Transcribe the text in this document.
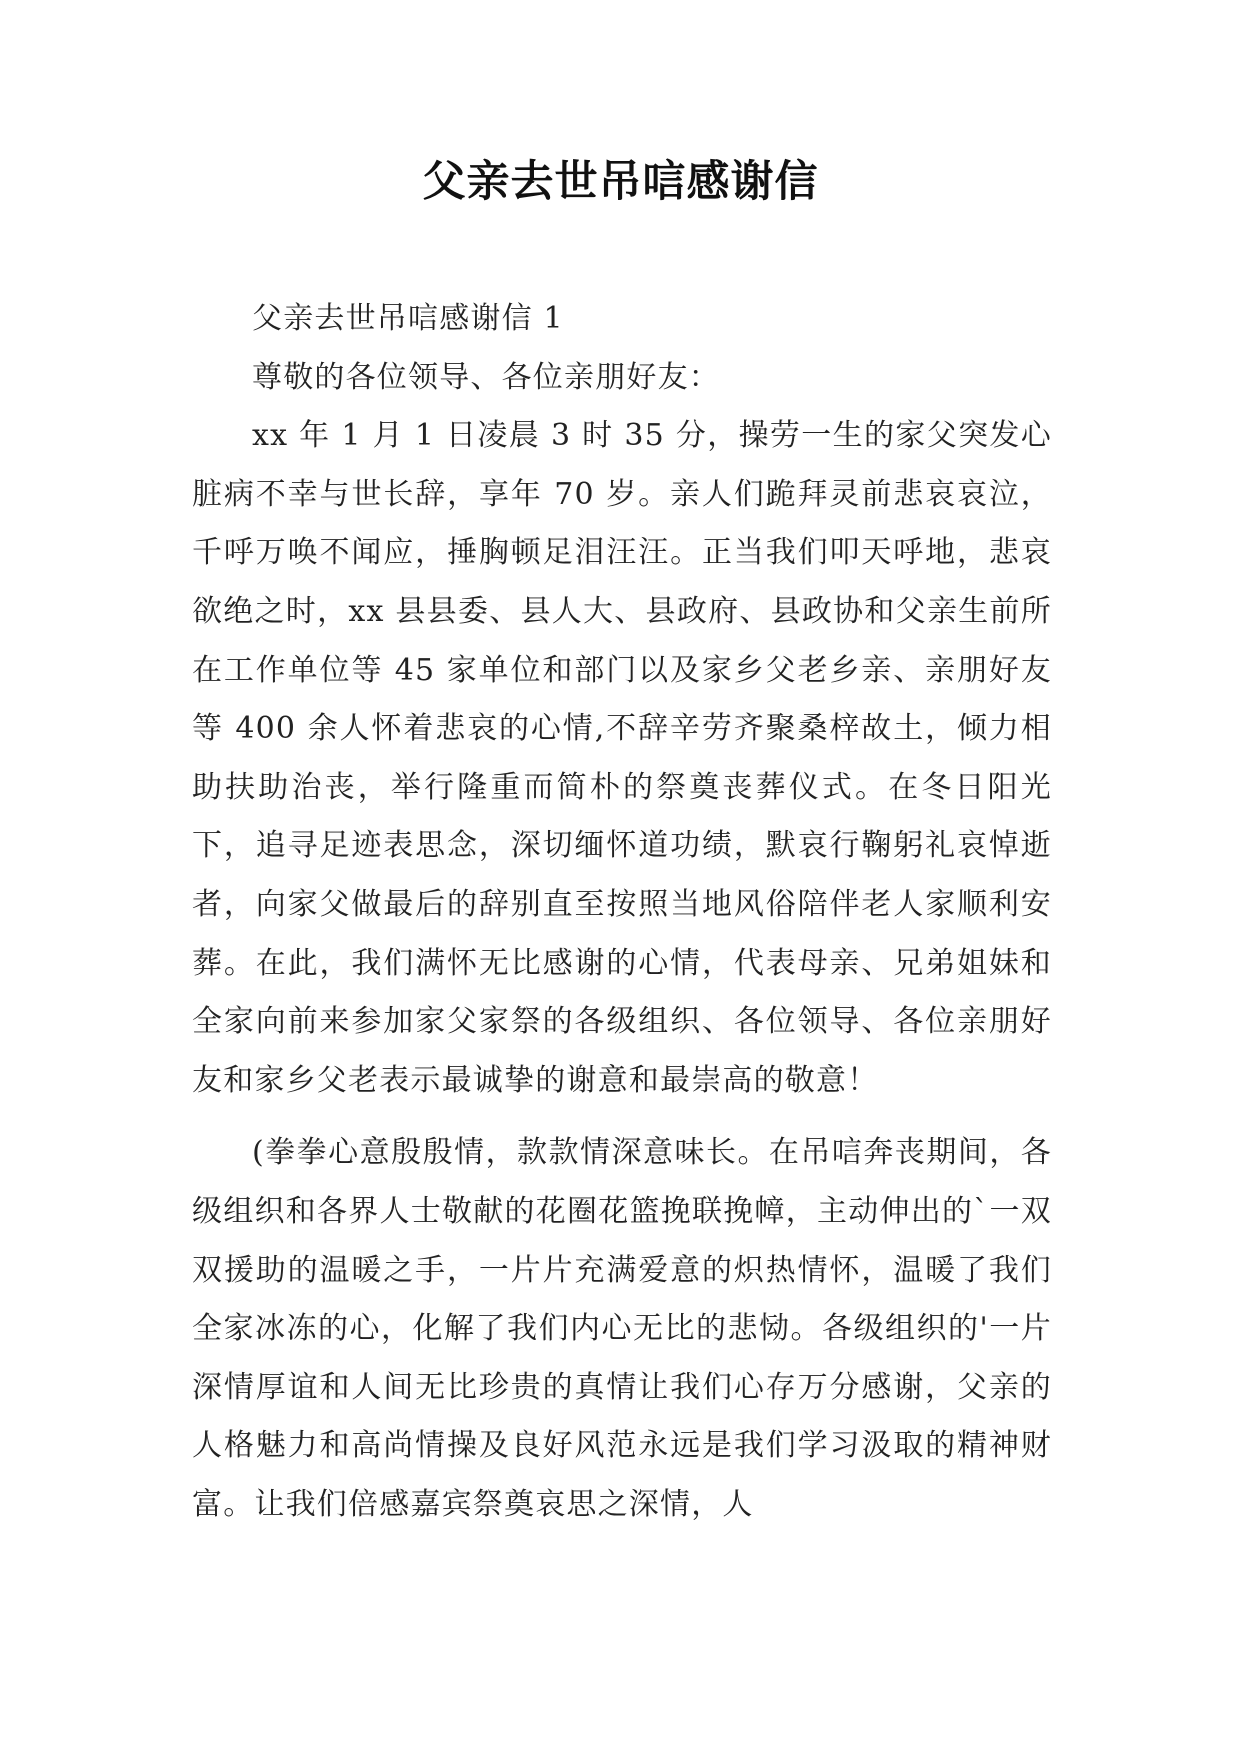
父亲去世吊唁感谢信

父亲去世吊唁感谢信 1

尊敬的各位领导、各位亲朋好友：

xx 年 1 月 1 日凌晨 3 时 35 分，操劳一生的家父突发心脏病不幸与世长辞，享年 70 岁。亲人们跪拜灵前悲哀哀泣，千呼万唤不闻应，捶胸顿足泪汪汪。正当我们叩天呼地，悲哀欲绝之时，xx 县县委、县人大、县政府、县政协和父亲生前所在工作单位等 45 家单位和部门以及家乡父老乡亲、亲朋好友等 400 余人怀着悲哀的心情,不辞辛劳齐聚桑梓故土，倾力相助扶助治丧，举行隆重而简朴的祭奠丧葬仪式。在冬日阳光下，追寻足迹表思念，深切缅怀道功绩，默哀行鞠躬礼哀悼逝者，向家父做最后的辞别直至按照当地风俗陪伴老人家顺利安葬。在此，我们满怀无比感谢的心情，代表母亲、兄弟姐妹和全家向前来参加家父家祭的各级组织、各位领导、各位亲朋好友和家乡父老表示最诚挚的谢意和最崇高的敬意！

(拳拳心意殷殷情，款款情深意味长。在吊唁奔丧期间，各级组织和各界人士敬献的花圈花篮挽联挽幛，主动伸出的`一双双援助的温暖之手，一片片充满爱意的炽热情怀，温暖了我们全家冰冻的心，化解了我们内心无比的悲恸。各级组织的'一片深情厚谊和人间无比珍贵的真情让我们心存万分感谢，父亲的人格魅力和高尚情操及良好风范永远是我们学习汲取的精神财富。让我们倍感嘉宾祭奠哀思之深情，人
